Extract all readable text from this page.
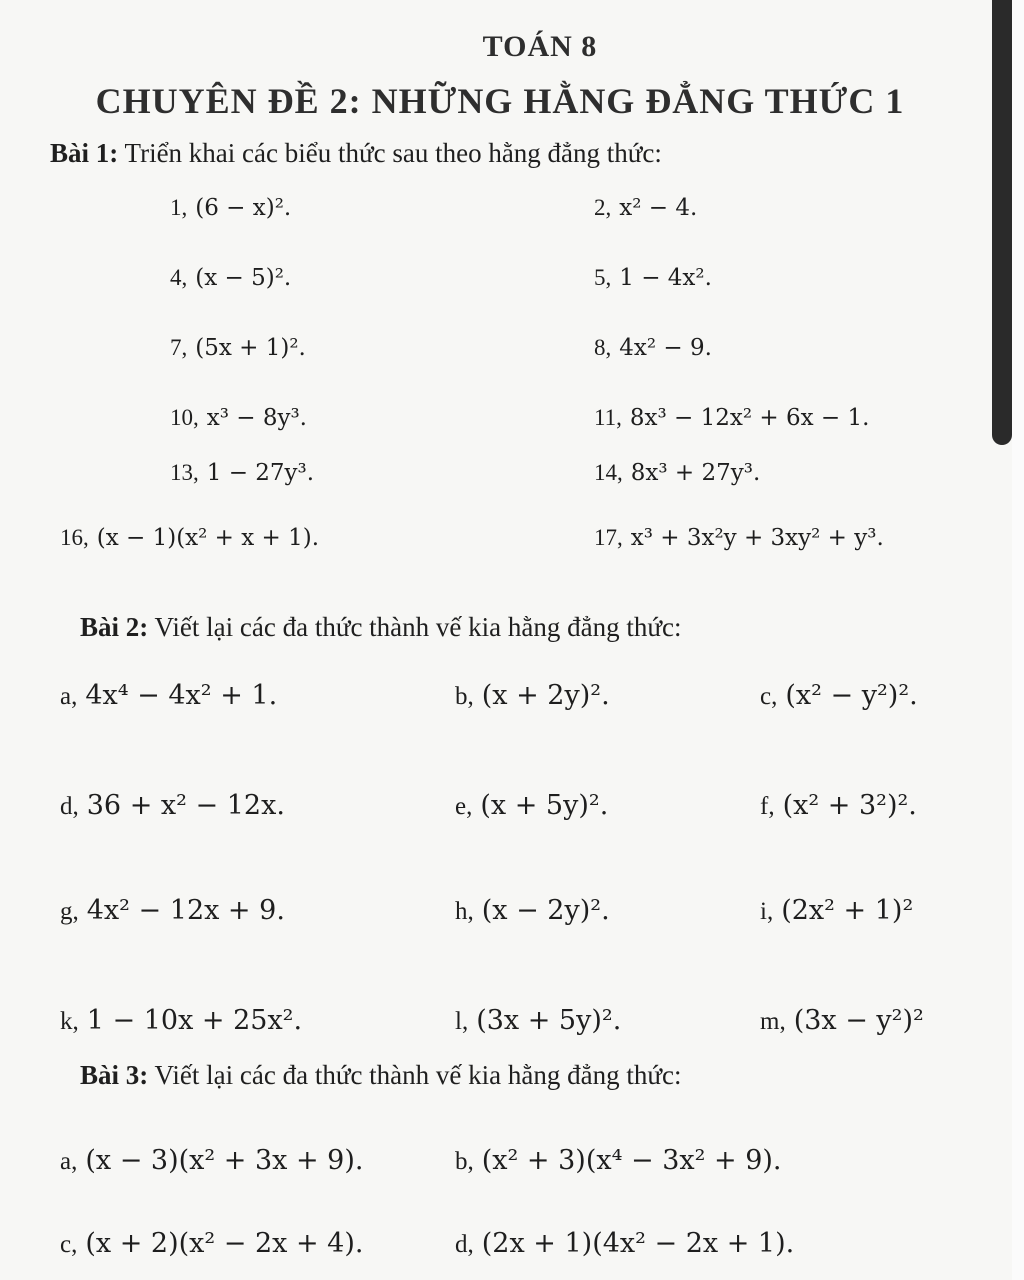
TOÁN 8
CHUYÊN ĐỀ 2: NHỮNG HẰNG ĐẲNG THỨC 1
Bài 1: Triển khai các biểu thức sau theo hằng đẳng thức:
1, (6 − x)².	2, x² − 4.
4, (x − 5)².	5, 1 − 4x².
7, (5x + 1)².	8, 4x² − 9.
10, x³ − 8y³.	11, 8x³ − 12x² + 6x − 1.
13, 1 − 27y³.	14, 8x³ + 27y³.
16, (x − 1)(x² + x + 1).	17, x³ + 3x²y + 3xy² + y³.
Bài 2: Viết lại các đa thức thành vế kia hằng đẳng thức:
a, 4x⁴ − 4x² + 1.	b, (x + 2y)².	c, (x² − y²)².
d, 36 + x² − 12x.	e, (x + 5y)².	f, (x² + 3²)².
g, 4x² − 12x + 9.	h, (x − 2y)².	i, (2x² + 1)²
k, 1 − 10x + 25x².	l, (3x + 5y)².	m, (3x − y²)²
Bài 3: Viết lại các đa thức thành vế kia hằng đẳng thức:
a, (x − 3)(x² + 3x + 9).	b, (x² + 3)(x⁴ − 3x² + 9).
c, (x + 2)(x² − 2x + 4).	d, (2x + 1)(4x² − 2x + 1).
